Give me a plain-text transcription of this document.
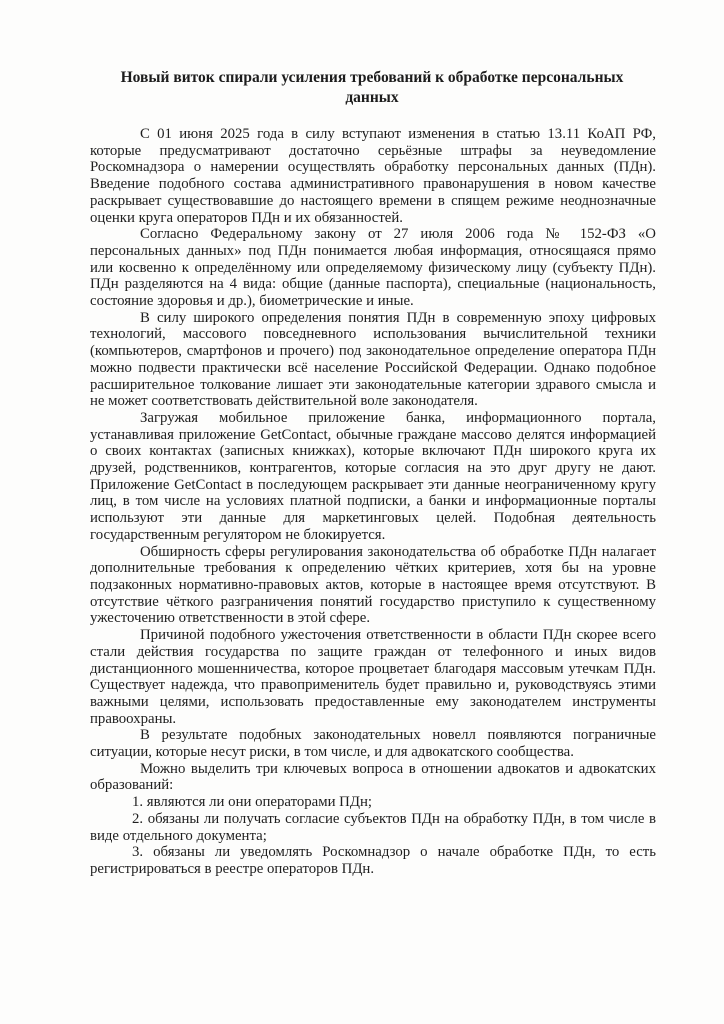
Новый виток спирали усиления требований к обработке персональных данных

С 01 июня 2025 года в силу вступают изменения в статью 13.11 КоАП РФ, которые предусматривают достаточно серьёзные штрафы за неуведомление Роскомнадзора о намерении осуществлять обработку персональных данных (ПДн). Введение подобного состава административного правонарушения в новом качестве раскрывает существовавшие до настоящего времени в спящем режиме неоднозначные оценки круга операторов ПДн и их обязанностей.

Согласно Федеральному закону от 27 июля 2006 года № 152-ФЗ «О персональных данных» под ПДн понимается любая информация, относящаяся прямо или косвенно к определённому или определяемому физическому лицу (субъекту ПДн). ПДн разделяются на 4 вида: общие (данные паспорта), специальные (национальность, состояние здоровья и др.), биометрические и иные.

В силу широкого определения понятия ПДн в современную эпоху цифровых технологий, массового повседневного использования вычислительной техники (компьютеров, смартфонов и прочего) под законодательное определение оператора ПДн можно подвести практически всё население Российской Федерации. Однако подобное расширительное толкование лишает эти законодательные категории здравого смысла и не может соответствовать действительной воле законодателя.

Загружая мобильное приложение банка, информационного портала, устанавливая приложение GetContact, обычные граждане массово делятся информацией о своих контактах (записных книжках), которые включают ПДн широкого круга их друзей, родственников, контрагентов, которые согласия на это друг другу не дают. Приложение GetContact в последующем раскрывает эти данные неограниченному кругу лиц, в том числе на условиях платной подписки, а банки и информационные порталы используют эти данные для маркетинговых целей. Подобная деятельность государственным регулятором не блокируется.

Обширность сферы регулирования законодательства об обработке ПДн налагает дополнительные требования к определению чётких критериев, хотя бы на уровне подзаконных нормативно-правовых актов, которые в настоящее время отсутствуют. В отсутствие чёткого разграничения понятий государство приступило к существенному ужесточению ответственности в этой сфере.

Причиной подобного ужесточения ответственности в области ПДн скорее всего стали действия государства по защите граждан от телефонного и иных видов дистанционного мошенничества, которое процветает благодаря массовым утечкам ПДн. Существует надежда, что правоприменитель будет правильно и, руководствуясь этими важными целями, использовать предоставленные ему законодателем инструменты правоохраны.

В результате подобных законодательных новелл появляются пограничные ситуации, которые несут риски, в том числе, и для адвокатского сообщества.

Можно выделить три ключевых вопроса в отношении адвокатов и адвокатских образований:

1. являются ли они операторами ПДн;

2. обязаны ли получать согласие субъектов ПДн на обработку ПДн, в том числе в виде отдельного документа;

3. обязаны ли уведомлять Роскомнадзор о начале обработке ПДн, то есть регистрироваться в реестре операторов ПДн.
